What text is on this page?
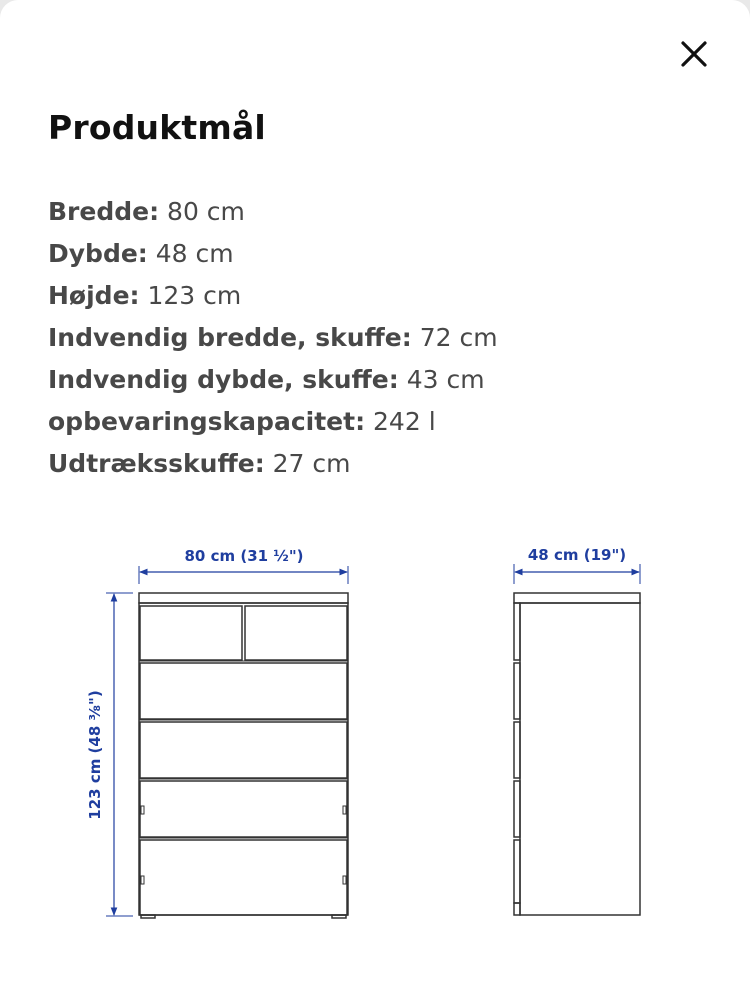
Produktmål
Bredde: 80 cm
Dybde: 48 cm
Højde: 123 cm
Indvendig bredde, skuffe: 72 cm
Indvendig dybde, skuffe: 43 cm
opbevaringskapacitet: 242 l
Udtræksskuffe: 27 cm
80 cm (31 ½")
123 cm (48 ⅜")
48 cm (19")
